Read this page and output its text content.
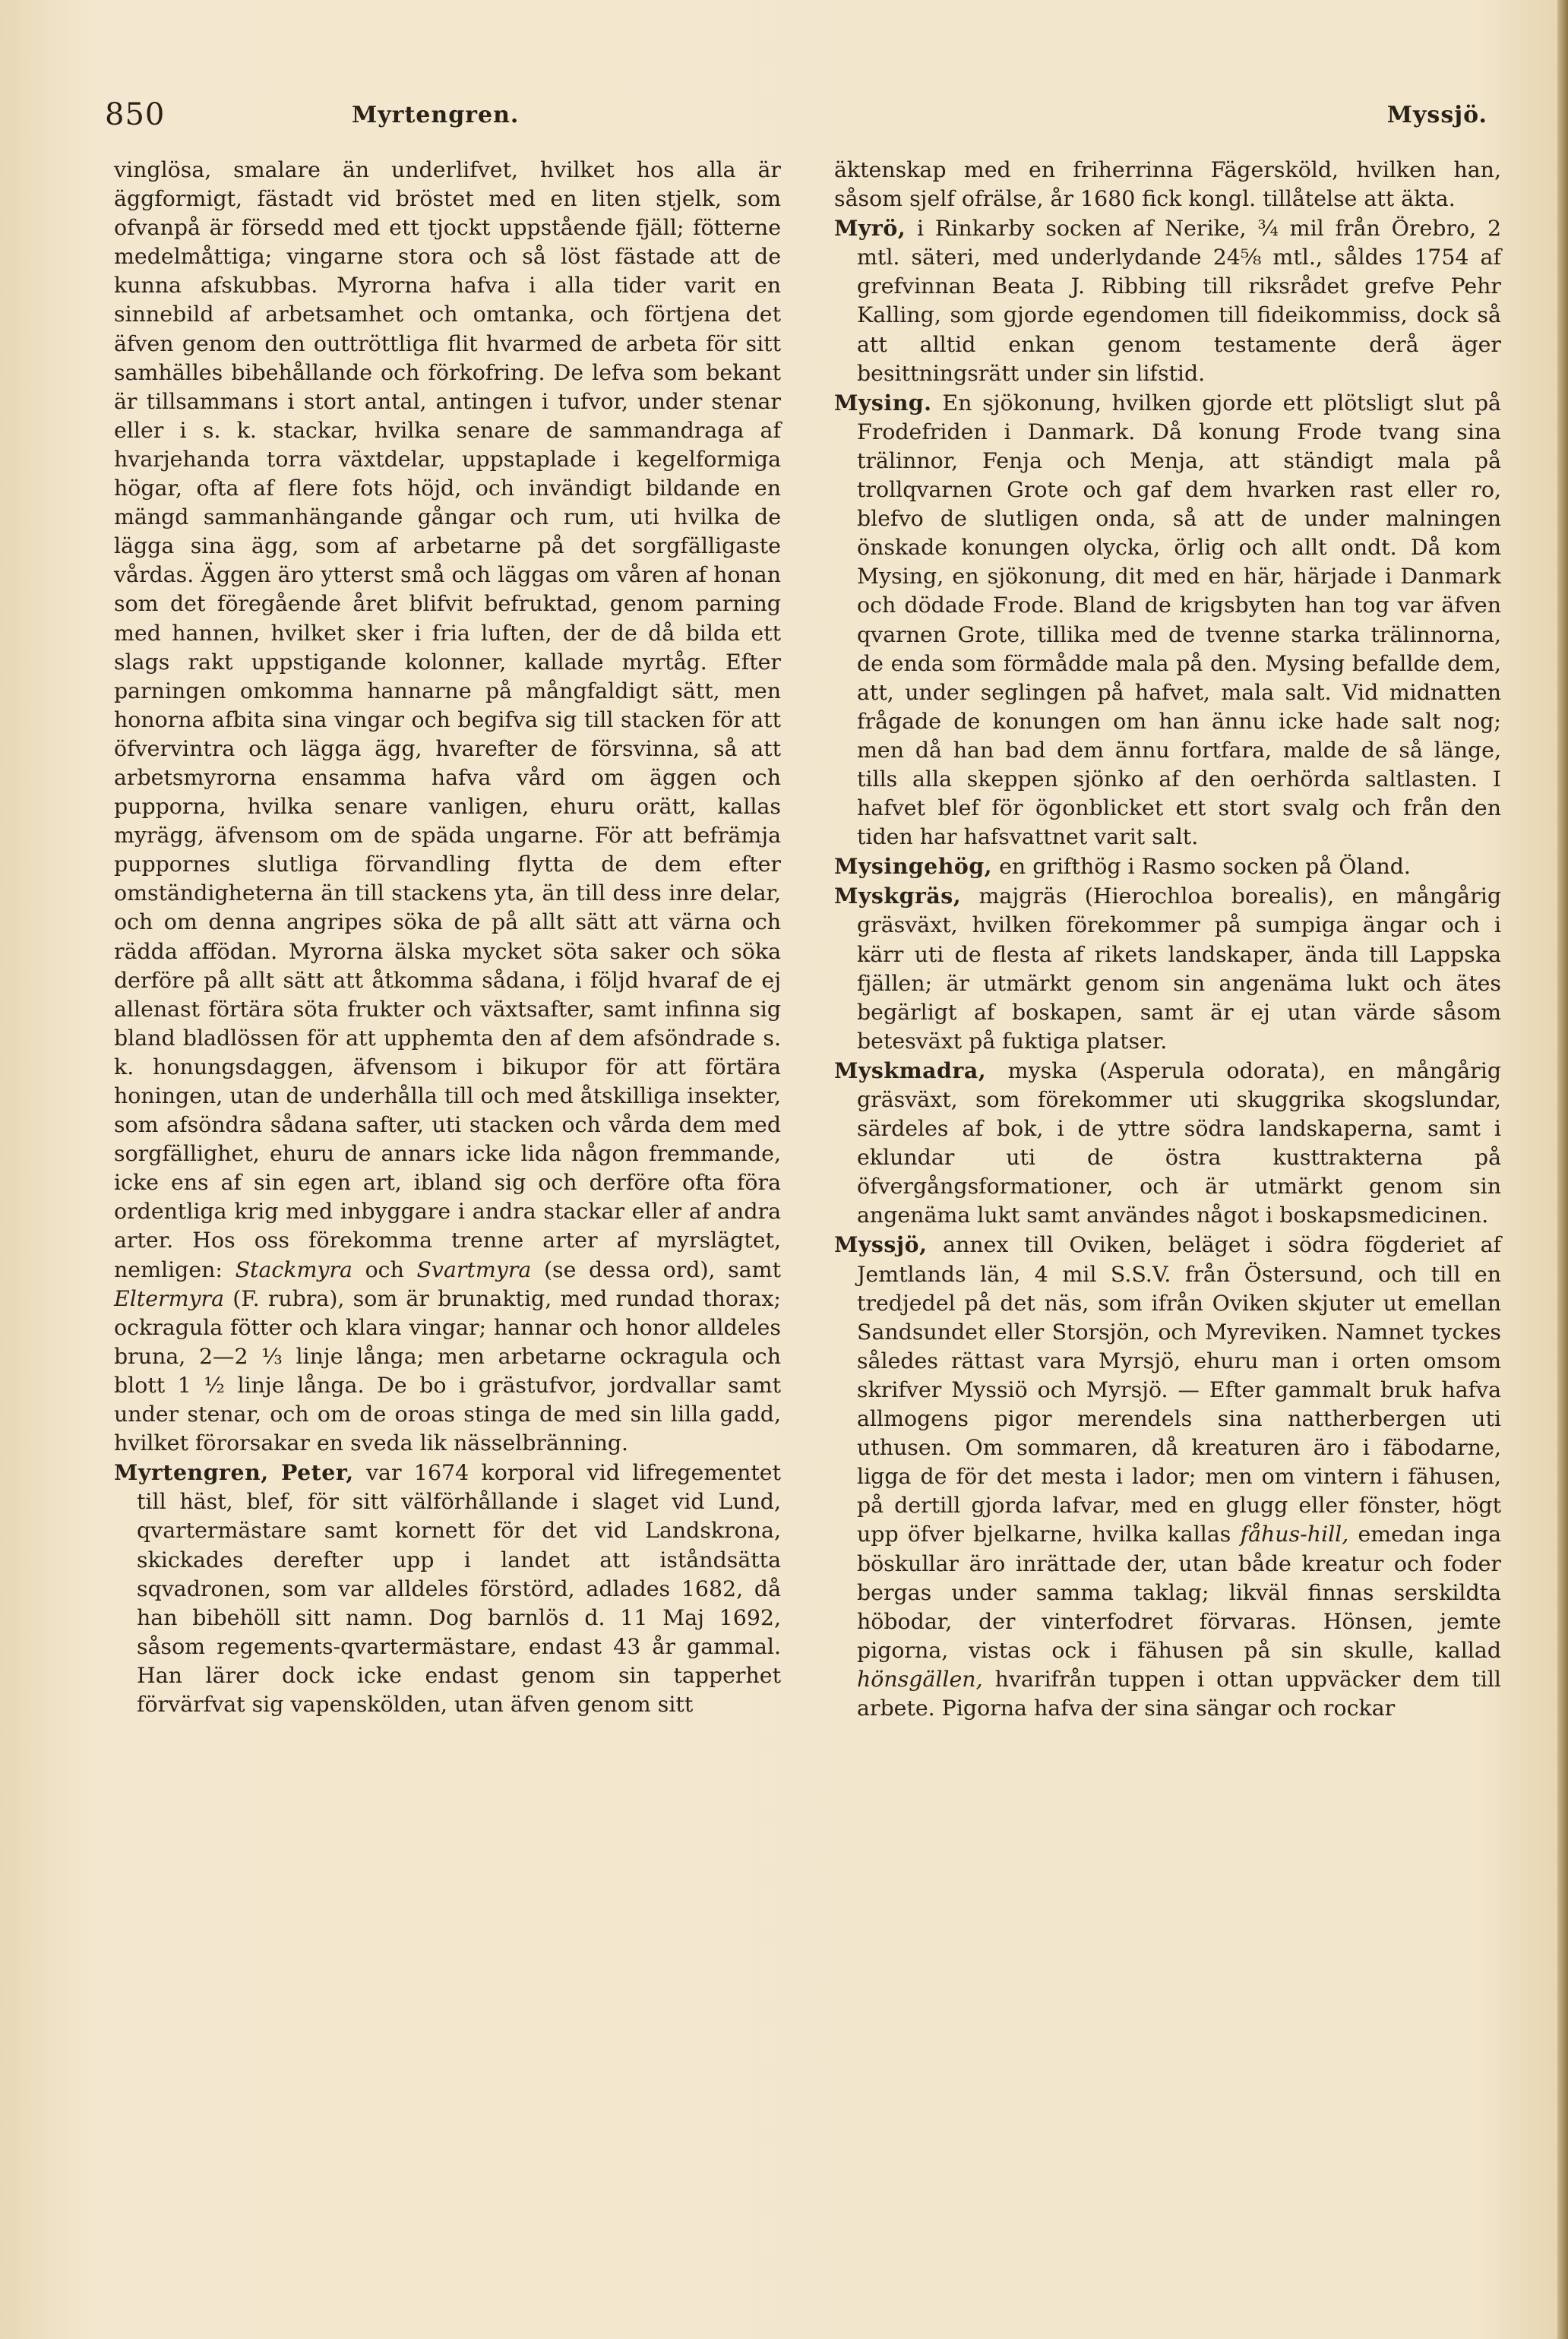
850	Myrtengren.	Myssjö.

vinglösa, smalare än underlifvet, hvilket hos alla är äggformigt, fästadt vid bröstet med en liten stjelk, som ofvanpå är försedd med ett tjockt uppstående fjäll; fötterne medelmåttiga; vingarne stora och så löst fästade att de kunna afskubbas. Myrorna hafva i alla tider varit en sinnebild af arbetsamhet och omtanka, och förtjena det äfven genom den outtröttliga flit hvarmed de arbeta för sitt samhälles bibehållande och förkofring. De lefva som bekant är tillsammans i stort antal, antingen i tufvor, under stenar eller i s. k. stackar, hvilka senare de sammandraga af hvarjehanda torra växtdelar, uppstaplade i kegelformiga högar, ofta af flere fots höjd, och invändigt bildande en mängd sammanhängande gångar och rum, uti hvilka de lägga sina ägg, som af arbetarne på det sorgfälligaste vårdas. Äggen äro ytterst små och läggas om våren af honan som det föregående året blifvit befruktad, genom parning med hannen, hvilket sker i fria luften, der de då bilda ett slags rakt uppstigande kolonner, kallade myrtåg. Efter parningen omkomma hannarne på mångfaldigt sätt, men honorna afbita sina vingar och begifva sig till stacken för att öfvervintra och lägga ägg, hvarefter de försvinna, så att arbetsmyrorna ensamma hafva vård om äggen och pupporna, hvilka senare vanligen, ehuru orätt, kallas myrägg, äfvensom om de späda ungarne. För att befrämja puppornes slutliga förvandling flytta de dem efter omständigheterna än till stackens yta, än till dess inre delar, och om denna angripes söka de på allt sätt att värna och rädda affödan. Myrorna älska mycket söta saker och söka derföre på allt sätt att åtkomma sådana, i följd hvaraf de ej allenast förtära söta frukter och växtsafter, samt infinna sig bland bladlössen för att upphemta den af dem afsöndrade s. k. honungsdaggen, äfvensom i bikupor för att förtära honingen, utan de underhålla till och med åtskilliga insekter, som afsöndra sådana safter, uti stacken och vårda dem med sorgfällighet, ehuru de annars icke lida någon fremmande, icke ens af sin egen art, ibland sig och derföre ofta föra ordentliga krig med inbyggare i andra stackar eller af andra arter. Hos oss förekomma trenne arter af myrslägtet, nemligen: Stackmyra och Svartmyra (se dessa ord), samt Eltermyra (F. rubra), som är brunaktig, med rundad thorax; ockragula fötter och klara vingar; hannar och honor alldeles bruna, 2—2 ⅓ linje långa; men arbetarne ockragula och blott 1 ½ linje långa. De bo i grästufvor, jordvallar samt under stenar, och om de oroas stinga de med sin lilla gadd, hvilket förorsakar en sveda lik nässelbränning.

Myrtengren, Peter, var 1674 korporal vid lifregementet till häst, blef, för sitt välförhållande i slaget vid Lund, qvartermästare samt kornett för det vid Landskrona, skickades derefter upp i landet att iståndsätta sqvadronen, som var alldeles förstörd, adlades 1682, då han bibehöll sitt namn. Dog barnlös d. 11 Maj 1692, såsom regements-qvartermästare, endast 43 år gammal. Han lärer dock icke endast genom sin tapperhet förvärfvat sig vapenskölden, utan äfven genom sitt

äktenskap med en friherrinna Fägersköld, hvilken han, såsom sjelf ofrälse, år 1680 fick kongl. tillåtelse att äkta.

Myrö, i Rinkarby socken af Nerike, ¾ mil från Örebro, 2 mtl. säteri, med underlydande 24⅝ mtl., såldes 1754 af grefvinnan Beata J. Ribbing till riksrådet grefve Pehr Kalling, som gjorde egendomen till fideikommiss, dock så att alltid enkan genom testamente derå äger besittningsrätt under sin lifstid.

Mysing. En sjökonung, hvilken gjorde ett plötsligt slut på Frodefriden i Danmark. Då konung Frode tvang sina trälinnor, Fenja och Menja, att ständigt mala på trollqvarnen Grote och gaf dem hvarken rast eller ro, blefvo de slutligen onda, så att de under malningen önskade konungen olycka, örlig och allt ondt. Då kom Mysing, en sjökonung, dit med en här, härjade i Danmark och dödade Frode. Bland de krigsbyten han tog var äfven qvarnen Grote, tillika med de tvenne starka trälinnorna, de enda som förmådde mala på den. Mysing befallde dem, att, under seglingen på hafvet, mala salt. Vid midnatten frågade de konungen om han ännu icke hade salt nog; men då han bad dem ännu fortfara, malde de så länge, tills alla skeppen sjönko af den oerhörda saltlasten. I hafvet blef för ögonblicket ett stort svalg och från den tiden har hafsvattnet varit salt.

Mysingehög, en grifthög i Rasmo socken på Öland.

Myskgräs, majgräs (Hierochloa borealis), en mångårig gräsväxt, hvilken förekommer på sumpiga ängar och i kärr uti de flesta af rikets landskaper, ända till Lappska fjällen; är utmärkt genom sin angenäma lukt och ätes begärligt af boskapen, samt är ej utan värde såsom betesväxt på fuktiga platser.

Myskmadra, myska (Asperula odorata), en mångårig gräsväxt, som förekommer uti skuggrika skogslundar, särdeles af bok, i de yttre södra landskaperna, samt i eklundar uti de östra kusttrakterna på öfvergångsformationer, och är utmärkt genom sin angenäma lukt samt användes något i boskapsmedicinen.

Myssjö, annex till Oviken, beläget i södra fögderiet af Jemtlands län, 4 mil S.S.V. från Östersund, och till en tredjedel på det näs, som ifrån Oviken skjuter ut emellan Sandsundet eller Storsjön, och Myreviken. Namnet tyckes således rättast vara Myrsjö, ehuru man i orten omsom skrifver Myssiö och Myrsjö. — Efter gammalt bruk hafva allmogens pigor merendels sina nattherbergen uti uthusen. Om sommaren, då kreaturen äro i fäbodarne, ligga de för det mesta i lador; men om vintern i fähusen, på dertill gjorda lafvar, med en glugg eller fönster, högt upp öfver bjelkarne, hvilka kallas fåhus-hill, emedan inga böskullar äro inrättade der, utan både kreatur och foder bergas under samma taklag; likväl finnas serskildta höbodar, der vinterfodret förvaras. Hönsen, jemte pigorna, vistas ock i fähusen på sin skulle, kallad hönsgällen, hvarifrån tuppen i ottan uppväcker dem till arbete. Pigorna hafva der sina sängar och rockar
